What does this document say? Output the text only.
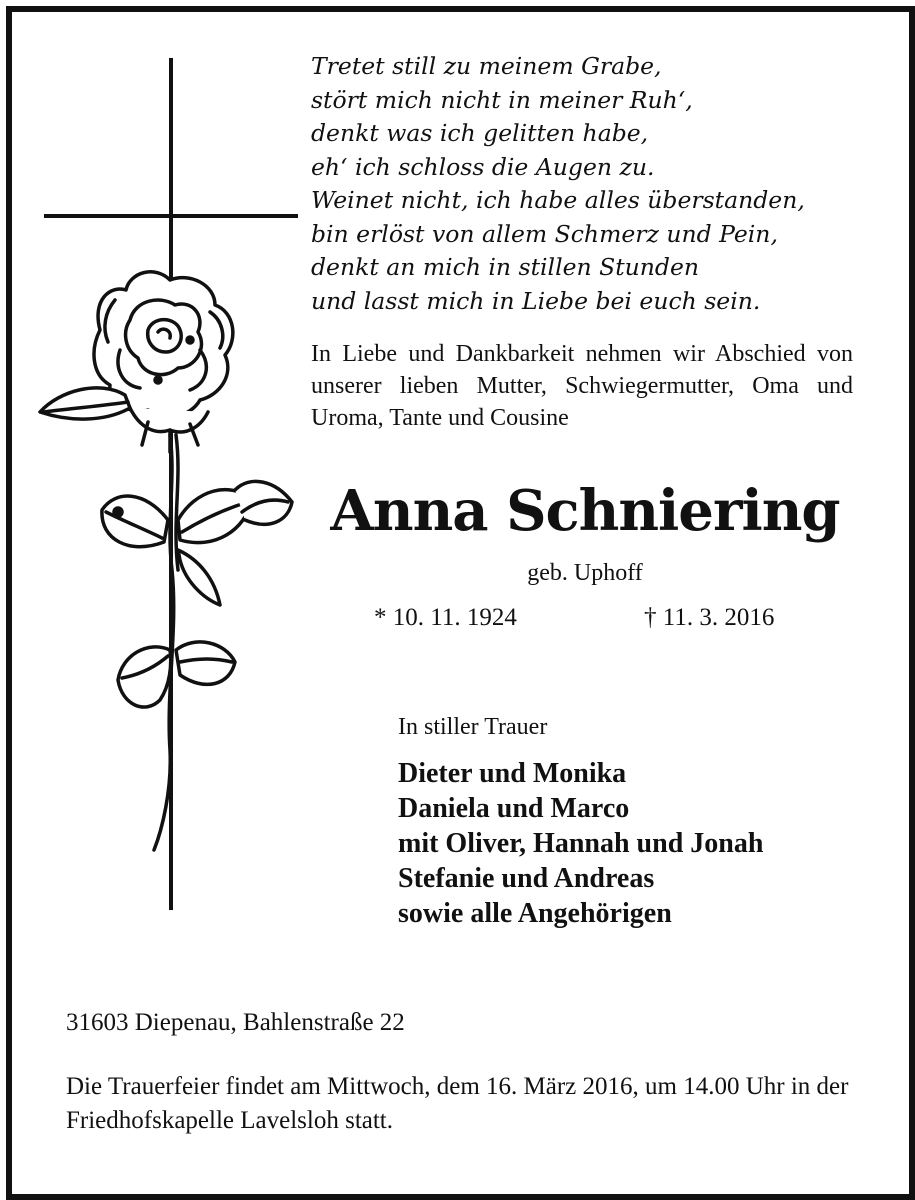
Tretet still zu meinem Grabe,
stört mich nicht in meiner Ruh‘,
denkt was ich gelitten habe,
eh‘ ich schloss die Augen zu.
Weinet nicht, ich habe alles überstanden,
bin erlöst von allem Schmerz und Pein,
denkt an mich in stillen Stunden
und lasst mich in Liebe bei euch sein.
In Liebe und Dankbarkeit nehmen wir Abschied von unserer lieben Mutter, Schwiegermutter, Oma und Uroma, Tante und Cousine
Anna Schniering
geb. Uphoff
* 10. 11. 1924	† 11. 3. 2016
In stiller Trauer
Dieter und Monika
Daniela und Marco
mit Oliver, Hannah und Jonah
Stefanie und Andreas
sowie alle Angehörigen
31603 Diepenau, Bahlenstraße 22
Die Trauerfeier findet am Mittwoch, dem 16. März 2016, um 14.00 Uhr in der Friedhofskapelle Lavelsloh statt.
